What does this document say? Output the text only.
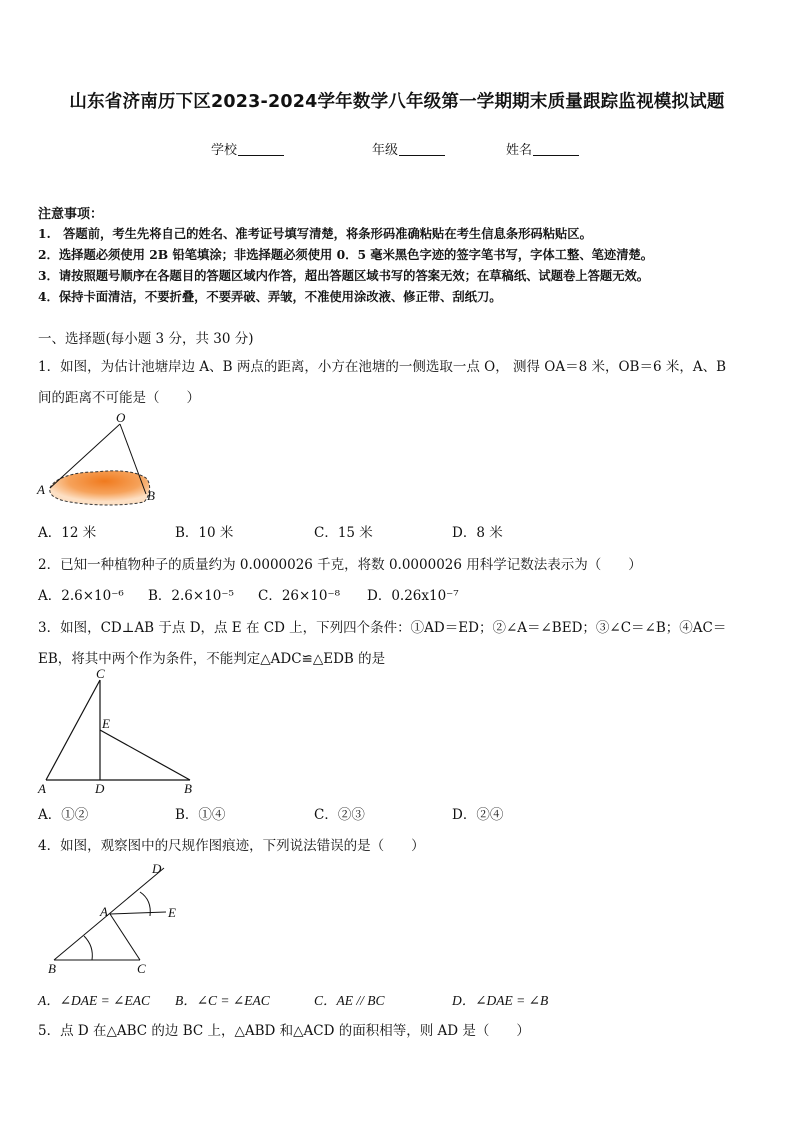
山东省济南历下区2023-2024学年数学八年级第一学期期末质量跟踪监视模拟试题
学校	年级	姓名
注意事项：
1.　答题前，考生先将自己的姓名、准考证号填写清楚，将条形码准确粘贴在考生信息条形码粘贴区。
2．选择题必须使用 2B 铅笔填涂；非选择题必须使用 0．5 毫米黑色字迹的签字笔书写，字体工整、笔迹清楚。
3．请按照题号顺序在各题目的答题区域内作答，超出答题区域书写的答案无效；在草稿纸、试题卷上答题无效。
4．保持卡面清洁，不要折叠，不要弄破、弄皱，不准使用涂改液、修正带、刮纸刀。
一、选择题(每小题 3 分，共 30 分)
1．如图，为估计池塘岸边 A、B 两点的距离，小方在池塘的一侧选取一点 O， 测得 OA＝8 米，OB＝6 米，A、B
间的距离不可能是（　　）
O
A	B
A．12 米	B．10 米	C．15 米	D．8 米
2．已知一种植物种子的质量约为 0.0000026 千克，将数 0.0000026 用科学记数法表示为（　　）
A．2.6×10⁻⁶ B．2.6×10⁻⁵ C．26×10⁻⁸ D．0.26x10⁻⁷
3．如图，CD⊥AB 于点 D，点 E 在 CD 上，下列四个条件：①AD＝ED；②∠A＝∠BED；③∠C＝∠B；④AC＝
EB，将其中两个作为条件，不能判定△ADC≌△EDB 的是
C
E
A	D	B
A．①②	B．①④	C．②③	D．②④
4．如图，观察图中的尺规作图痕迹，下列说法错误的是（　　）
D
A	E
B	C
A．∠DAE = ∠EAC B．∠C = ∠EAC	C．AE // BC	D．∠DAE = ∠B
5．点 D 在△ABC 的边 BC 上，△ABD 和△ACD 的面积相等，则 AD 是（　　）
